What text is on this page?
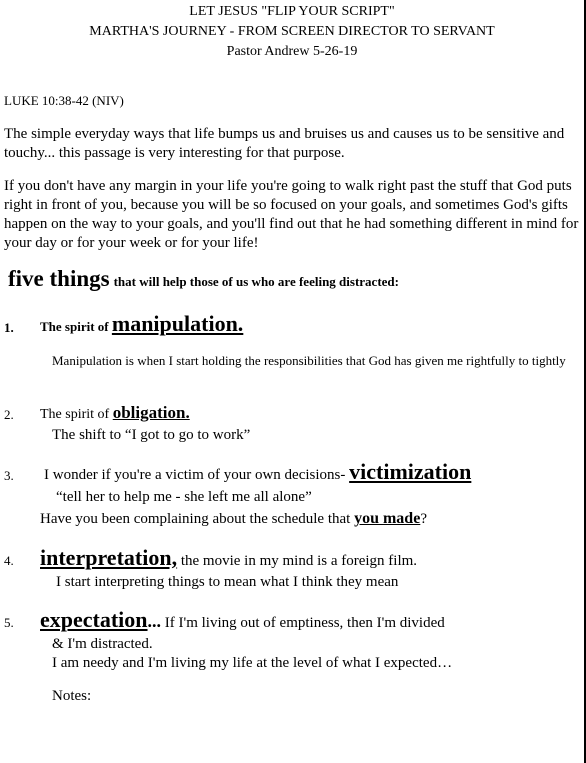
LET JESUS "FLIP YOUR SCRIPT"
MARTHA'S JOURNEY - FROM SCREEN DIRECTOR TO SERVANT
Pastor Andrew 5-26-19
LUKE 10:38-42 (NIV)
The simple everyday ways that life bumps us and bruises us and causes us to be sensitive and touchy... this passage is very interesting for that purpose.
If you don't have any margin in your life you're going to walk right past the stuff that God puts right in front of you, because you will be so focused on your goals, and sometimes God's gifts happen on the way to your goals, and you'll find out that he had something different in mind for your day or for your week or for your life!
five things that will help those of us who are feeling distracted:
1. The spirit of manipulation.
Manipulation is when I start holding the responsibilities that God has given me rightfully to tightly
2. The spirit of obligation.
The shift to “I got to go to work”
3. I wonder if you're a victim of your own decisions- victimization
“tell her to help me - she left me all alone”
Have you been complaining about the schedule that you made?
4. interpretation, the movie in my mind is a foreign film.
I start interpreting things to mean what I think they mean
5. expectation... If I'm living out of emptiness, then I'm divided
& I'm distracted.
I am needy and I'm living my life at the level of what I expected…
Notes:
